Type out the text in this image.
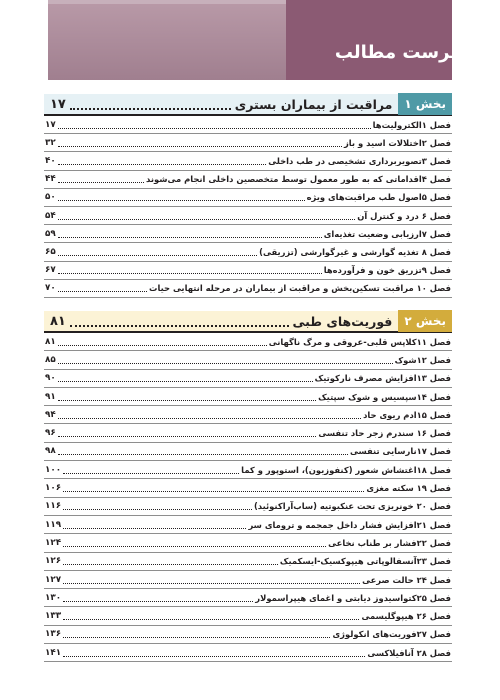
فهرست مطالب
بخش ۱
مراقبت از بیماران بستری
۱۷
فصل ۱الکترولیت‌ها
۱۷
فصل ۲اختلالات اسید و باز
۳۲
فصل ۳تصویربرداری تشخیصی در طب داخلی
۴۰
فصل ۴اقداماتی که به طور معمول توسط متخصصین داخلی انجام می‌شوند
۴۴
فصل ۵اصول طب مراقبت‌های ویژه
۵۰
فصل ۶ درد و کنترل آن
۵۴
فصل ۷ارزیابی وضعیت تغذیه‌ای
۵۹
فصل ۸ تغذیه گوارشی و غیرگوارشی (تزریقی)
۶۵
فصل ۹تزریق خون و فرآورده‌ها
۶۷
فصل ۱۰ مراقبت تسکین‌بخش و مراقبت از بیماران در مرحله انتهایی حیات
۷۰
بخش ۲
فوریت‌های طبی
۸۱
فصل ۱۱کلاپس قلبی-عروقی و مرگ ناگهانی
۸۱
فصل ۱۲شوک
۸۵
فصل ۱۳افزایش مصرف نارکوتیک
۹۰
فصل ۱۴سپسیس و شوک سپتیک
۹۱
فصل ۱۵ادم ریوی حاد
۹۴
فصل ۱۶ سندرم زجر حاد تنفسی
۹۶
فصل ۱۷نارسایی تنفسی
۹۸
فصل ۱۸اغتشاش شعور (کنفوزیون)، استوپور و کما
۱۰۰
فصل ۱۹ سکته مغزی
۱۰۶
فصل ۲۰ خونریزی تحت عنکبوتیه (ساب‌آراکنوئید)
۱۱۶
فصل ۲۱افزایش فشار داخل جمجمه و ترومای سر
۱۱۹
فصل ۲۲فشار بر طناب نخاعی
۱۲۴
فصل ۲۳آنسفالوپاتی هیپوکسیک-ایسکمیک
۱۲۶
فصل ۲۴ حالت صرعی
۱۲۷
فصل ۲۵کتواسیدوز دیابتی و اغمای هیپراسمولار
۱۳۰
فصل ۲۶ هیپوگلیسمی
۱۳۳
فصل ۲۷فوریت‌های انکولوژی
۱۳۶
فصل ۲۸ آنافیلاکسی
۱۴۱
